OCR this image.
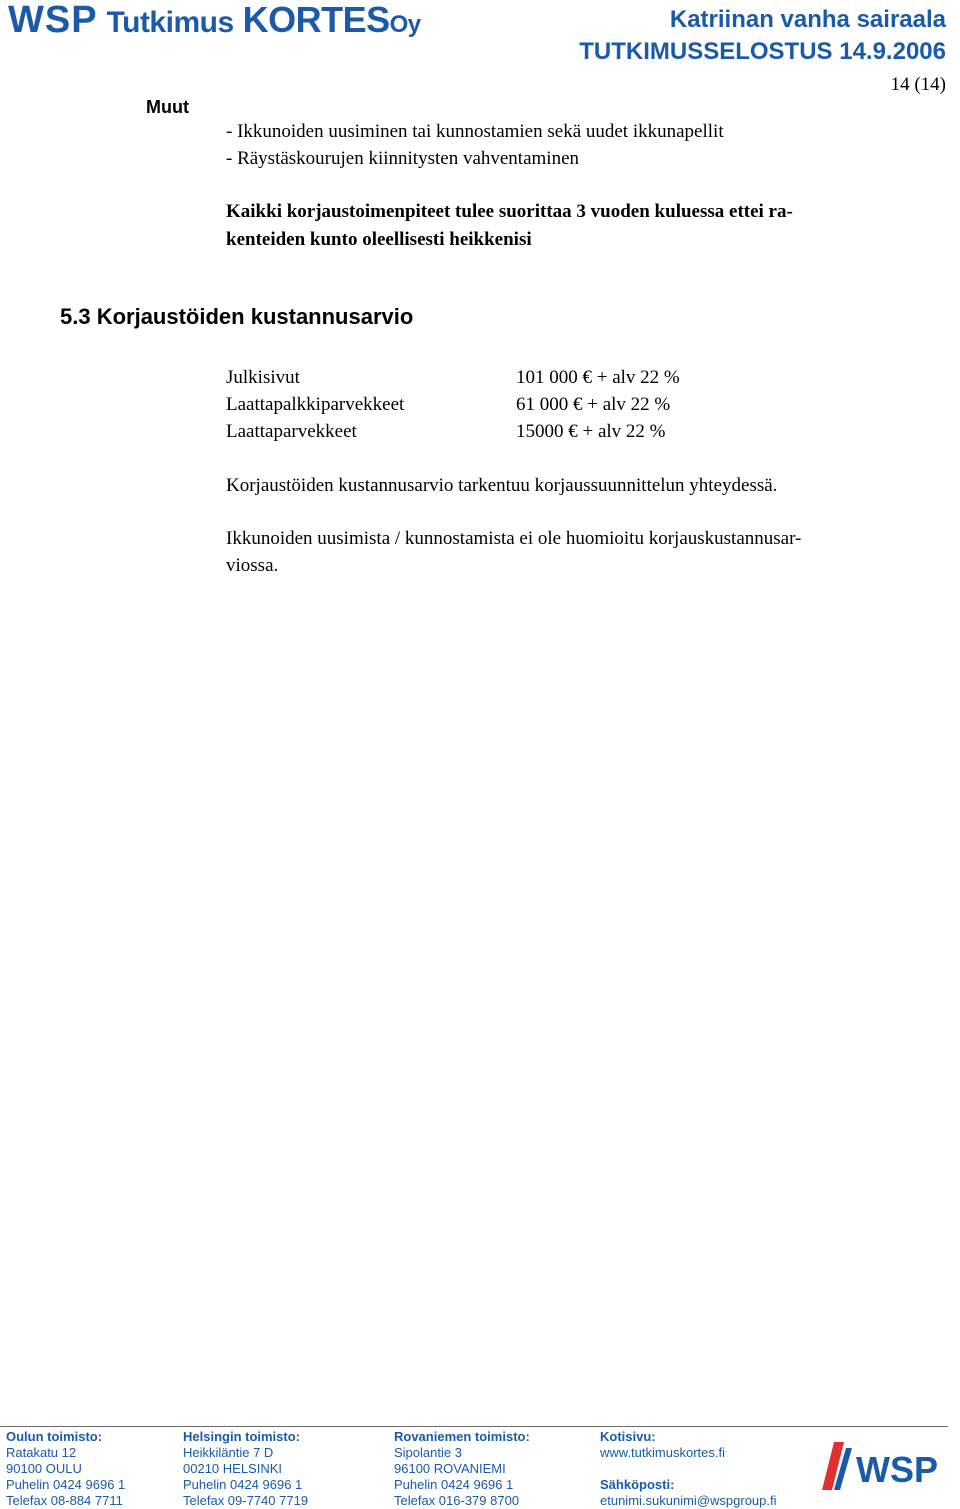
WSP Tutkimus KORTESOy	Katriinan vanha sairaala
TUTKIMUSSELOSTUS 14.9.2006
14 (14)
Muut
- Ikkunoiden uusiminen tai kunnostamien sekä uudet ikkunapellit
- Räystäskourujen kiinnitysten vahventaminen
Kaikki korjaustoimenpiteet tulee suorittaa 3 vuoden kuluessa ettei ra-
kenteiden kunto oleellisesti heikkenisi
5.3 Korjaustöiden kustannusarvio
Julkisivut	101 000 € + alv 22 %
Laattapalkkiparvekkeet	61 000 € + alv 22 %
Laattaparvekkeet	15000 € + alv 22 %
Korjaustöiden kustannusarvio tarkentuu korjaussuunnittelun yhteydessä.
Ikkunoiden uusimista / kunnostamista ei ole huomioitu korjauskustannusar-
viossa.
Oulun toimisto:
Ratakatu 12
90100 OULU
Puhelin 0424 9696 1
Telefax 08-884 7711
Helsingin toimisto:
Heikkiläntie 7 D
00210 HELSINKI
Puhelin 0424 9696 1
Telefax 09-7740 7719
Rovaniemen toimisto:
Sipolantie 3
96100 ROVANIEMI
Puhelin 0424 9696 1
Telefax 016-379 8700
Kotisivu:
www.tutkimuskortes.fi
Sähköposti:
etunimi.sukunimi@wspgroup.fi
WSP
